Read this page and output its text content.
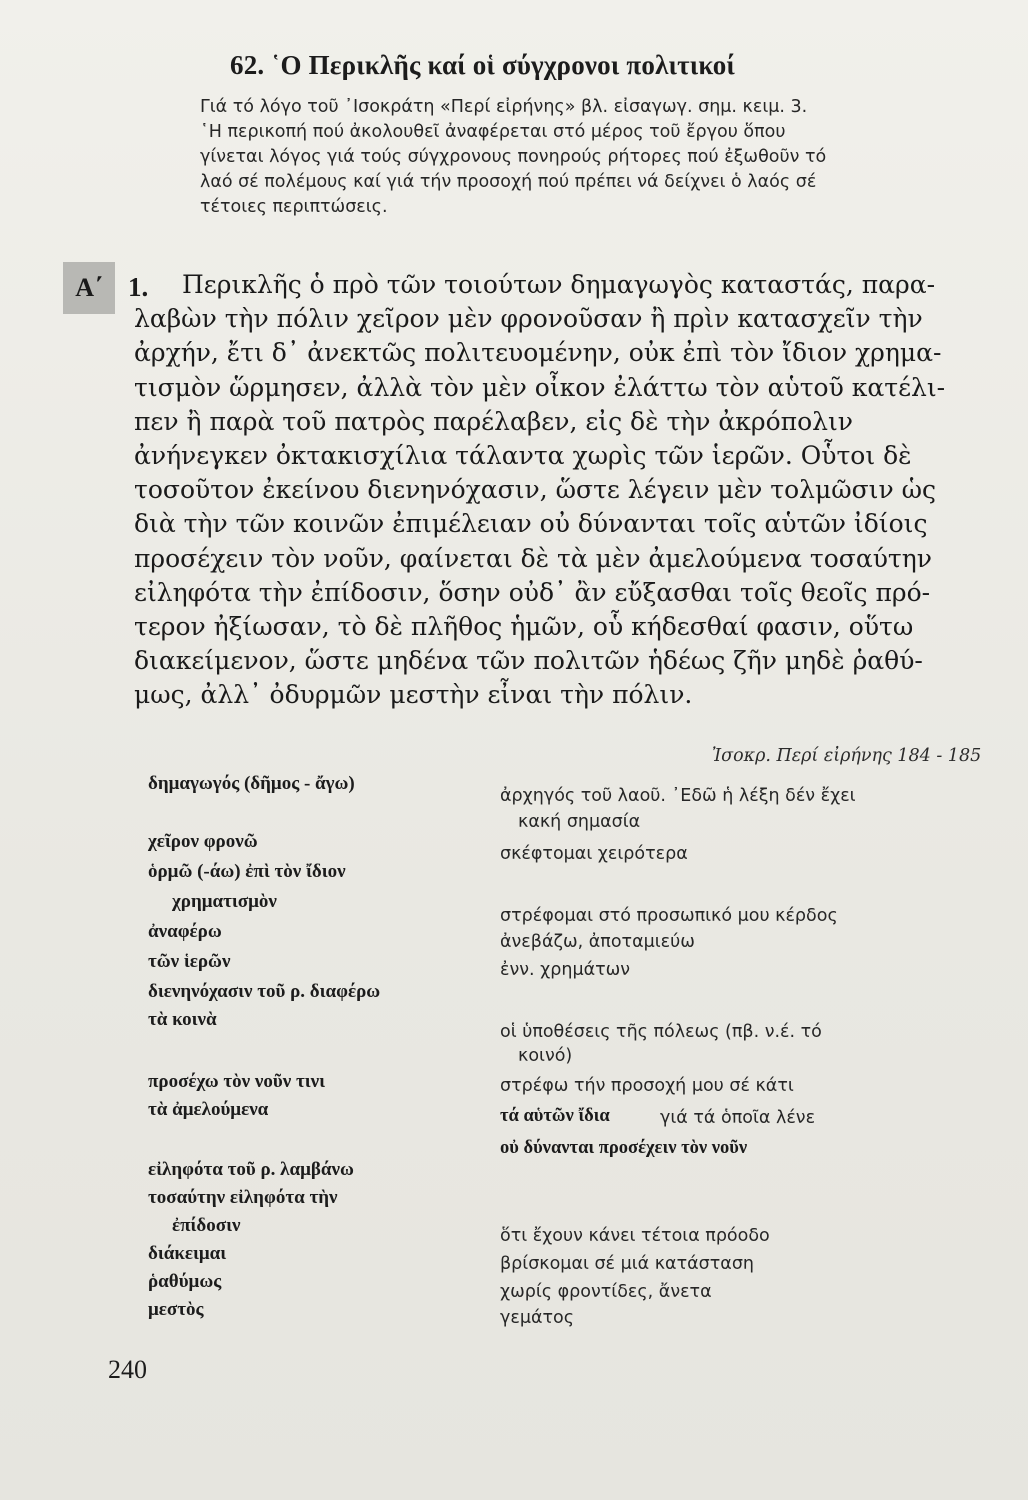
62. ῾Ο Περικλῆς καί οἱ σύγχρονοι πολιτικοί
Γιά τό λόγο τοῦ ᾿Ισοκράτη «Περί εἰρήνης» βλ. εἰσαγωγ. σημ. κειμ. 3.
῾Η περικοπή πού ἀκολουθεῖ ἀναφέρεται στό μέρος τοῦ ἔργου ὅπου
γίνεται λόγος γιά τούς σύγχρονους πονηρούς ρήτορες πού ἐξωθοῦν τό
λαό σέ πολέμους καί γιά τήν προσοχή πού πρέπει νά δείχνει ὁ λαός σέ
τέτοιες περιπτώσεις.
Α΄ 1. Περικλῆς ὁ πρὸ τῶν τοιούτων δημαγωγὸς καταστάς, παρα-
λαβὼν τὴν πόλιν χεῖρον μὲν φρονοῦσαν ἢ πρὶν κατασχεῖν τὴν
ἀρχήν, ἔτι δ᾿ ἀνεκτῶς πολιτευομένην, οὐκ ἐπὶ τὸν ἴδιον χρημα-
τισμὸν ὥρμησεν, ἀλλὰ τὸν μὲν οἶκον ἐλάττω τὸν αὑτοῦ κατέλι-
πεν ἢ παρὰ τοῦ πατρὸς παρέλαβεν, εἰς δὲ τὴν ἀκρόπολιν
ἀνήνεγκεν ὀκτακισχίλια τάλαντα χωρὶς τῶν ἱερῶν. Οὗτοι δὲ
τοσοῦτον ἐκείνου διενηνόχασιν, ὥστε λέγειν μὲν τολμῶσιν ὡς
διὰ τὴν τῶν κοινῶν ἐπιμέλειαν οὐ δύνανται τοῖς αὑτῶν ἰδίοις
προσέχειν τὸν νοῦν, φαίνεται δὲ τὰ μὲν ἀμελούμενα τοσαύτην
εἰληφότα τὴν ἐπίδοσιν, ὅσην οὐδ᾿ ἂν εὔξασθαι τοῖς θεοῖς πρό-
τερον ἠξίωσαν, τὸ δὲ πλῆθος ἡμῶν, οὗ κήδεσθαί φασιν, οὕτω
διακείμενον, ὥστε μηδένα τῶν πολιτῶν ἡδέως ζῆν μηδὲ ῥαθύ-
μως, ἀλλ᾿ ὀδυρμῶν μεστὴν εἶναι τὴν πόλιν.
Ἰσοκρ. Περί εἰρήνης 184 - 185
δημαγωγός (δῆμος - ἄγω)
χεῖρον φρονῶ
ὁρμῶ (-άω) ἐπὶ τὸν ἴδιον
χρηματισμὸν
ἀναφέρω
τῶν ἱερῶν
διενηνόχασιν τοῦ ρ. διαφέρω
τὰ κοινὰ
προσέχω τὸν νοῦν τινι
τὰ ἀμελούμενα
εἰληφότα τοῦ ρ. λαμβάνω
τοσαύτην εἰληφότα τὴν
ἐπίδοσιν
διάκειμαι
ῥαθύμως
μεστὸς
ἀρχηγός τοῦ λαοῦ. ᾿Εδῶ ἡ λέξη δέν ἔχει
κακή σημασία
σκέφτομαι χειρότερα
στρέφομαι στό προσωπικό μου κέρδος
ἀνεβάζω, ἀποταμιεύω
ἐνν. χρημάτων
οἱ ὑποθέσεις τῆς πόλεως (πβ. ν.έ. τό
κοινό)
στρέφω τήν προσοχή μου σέ κάτι
τά αὑτῶν ἴδια	γιά τά ὁποῖα λένε
οὐ δύνανται προσέχειν τὸν νοῦν
ὅτι ἔχουν κάνει τέτοια πρόοδο
βρίσκομαι σέ μιά κατάσταση
χωρίς φροντίδες, ἄνετα
γεμάτος
240
